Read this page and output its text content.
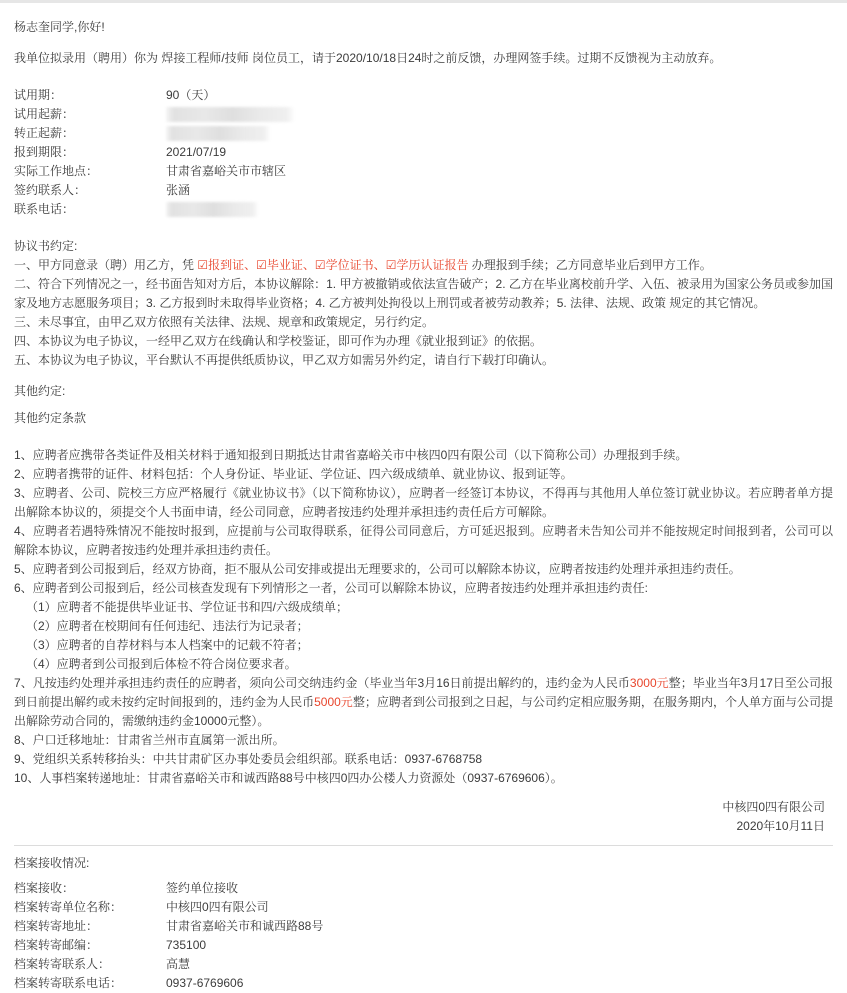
杨志奎同学,你好!
我单位拟录用（聘用）你为 焊接工程师/技师 岗位员工，请于2020/10/18日24时之前反馈，办理网签手续。过期不反馈视为主动放弃。
试用期：	90（天）
试用起薪：
转正起薪：
报到期限：	2021/07/19
实际工作地点：	甘肃省嘉峪关市市辖区
签约联系人：	张涵
联系电话：
协议书约定:
一、甲方同意录（聘）用乙方，凭 ☑报到证、☑毕业证、☑学位证书、☑学历认证报告 办理报到手续；乙方同意毕业后到甲方工作。
二、符合下列情况之一，经书面告知对方后，本协议解除：1. 甲方被撤销或依法宣告破产；2. 乙方在毕业离校前升学、入伍、被录用为国家公务员或参加国家及地方志愿服务项目；3. 乙方报到时未取得毕业资格；4. 乙方被判处拘役以上刑罚或者被劳动教养；5. 法律、法规、政策 规定的其它情况。
三、未尽事宜，由甲乙双方依照有关法律、法规、规章和政策规定，另行约定。
四、本协议为电子协议，一经甲乙双方在线确认和学校鉴证，即可作为办理《就业报到证》的依据。
五、本协议为电子协议，平台默认不再提供纸质协议，甲乙双方如需另外约定，请自行下载打印确认。
其他约定:
其他约定条款
1、应聘者应携带各类证件及相关材料于通知报到日期抵达甘肃省嘉峪关市中核四0四有限公司（以下简称公司）办理报到手续。
2、应聘者携带的证件、材料包括：个人身份证、毕业证、学位证、四六级成绩单、就业协议、报到证等。
3、应聘者、公司、院校三方应严格履行《就业协议书》（以下简称协议），应聘者一经签订本协议，不得再与其他用人单位签订就业协议。若应聘者单方提出解除本协议的，须提交个人书面申请，经公司同意，应聘者按违约处理并承担违约责任后方可解除。
4、应聘者若遇特殊情况不能按时报到，应提前与公司取得联系，征得公司同意后，方可延迟报到。应聘者未告知公司并不能按规定时间报到者，公司可以解除本协议，应聘者按违约处理并承担违约责任。
5、应聘者到公司报到后，经双方协商，拒不服从公司安排或提出无理要求的，公司可以解除本协议，应聘者按违约处理并承担违约责任。
6、应聘者到公司报到后，经公司核查发现有下列情形之一者，公司可以解除本协议，应聘者按违约处理并承担违约责任:
（1）应聘者不能提供毕业证书、学位证书和四/六级成绩单；
（2）应聘者在校期间有任何违纪、违法行为记录者；
（3）应聘者的自荐材料与本人档案中的记载不符者；
（4）应聘者到公司报到后体检不符合岗位要求者。
7、凡按违约处理并承担违约责任的应聘者，须向公司交纳违约金（毕业当年3月16日前提出解约的，违约金为人民币3000元整；毕业当年3月17日至公司报到日前提出解约或未按约定时间报到的，违约金为人民币5000元整；应聘者到公司报到之日起，与公司约定相应服务期，在服务期内，个人单方面与公司提出解除劳动合同的，需缴纳违约金10000元整）。
8、户口迁移地址：甘肃省兰州市直属第一派出所。
9、党组织关系转移抬头：中共甘肃矿区办事处委员会组织部。联系电话：0937-6768758
10、人事档案转递地址：甘肃省嘉峪关市和诚西路88号中核四0四办公楼人力资源处（0937-6769606）。
中核四0四有限公司
2020年10月11日
档案接收情况:
档案接收：	签约单位接收
档案转寄单位名称：	中核四0四有限公司
档案转寄地址：	甘肃省嘉峪关市和诚西路88号
档案转寄邮编：	735100
档案转寄联系人：	高慧
档案转寄联系电话：	0937-6769606
